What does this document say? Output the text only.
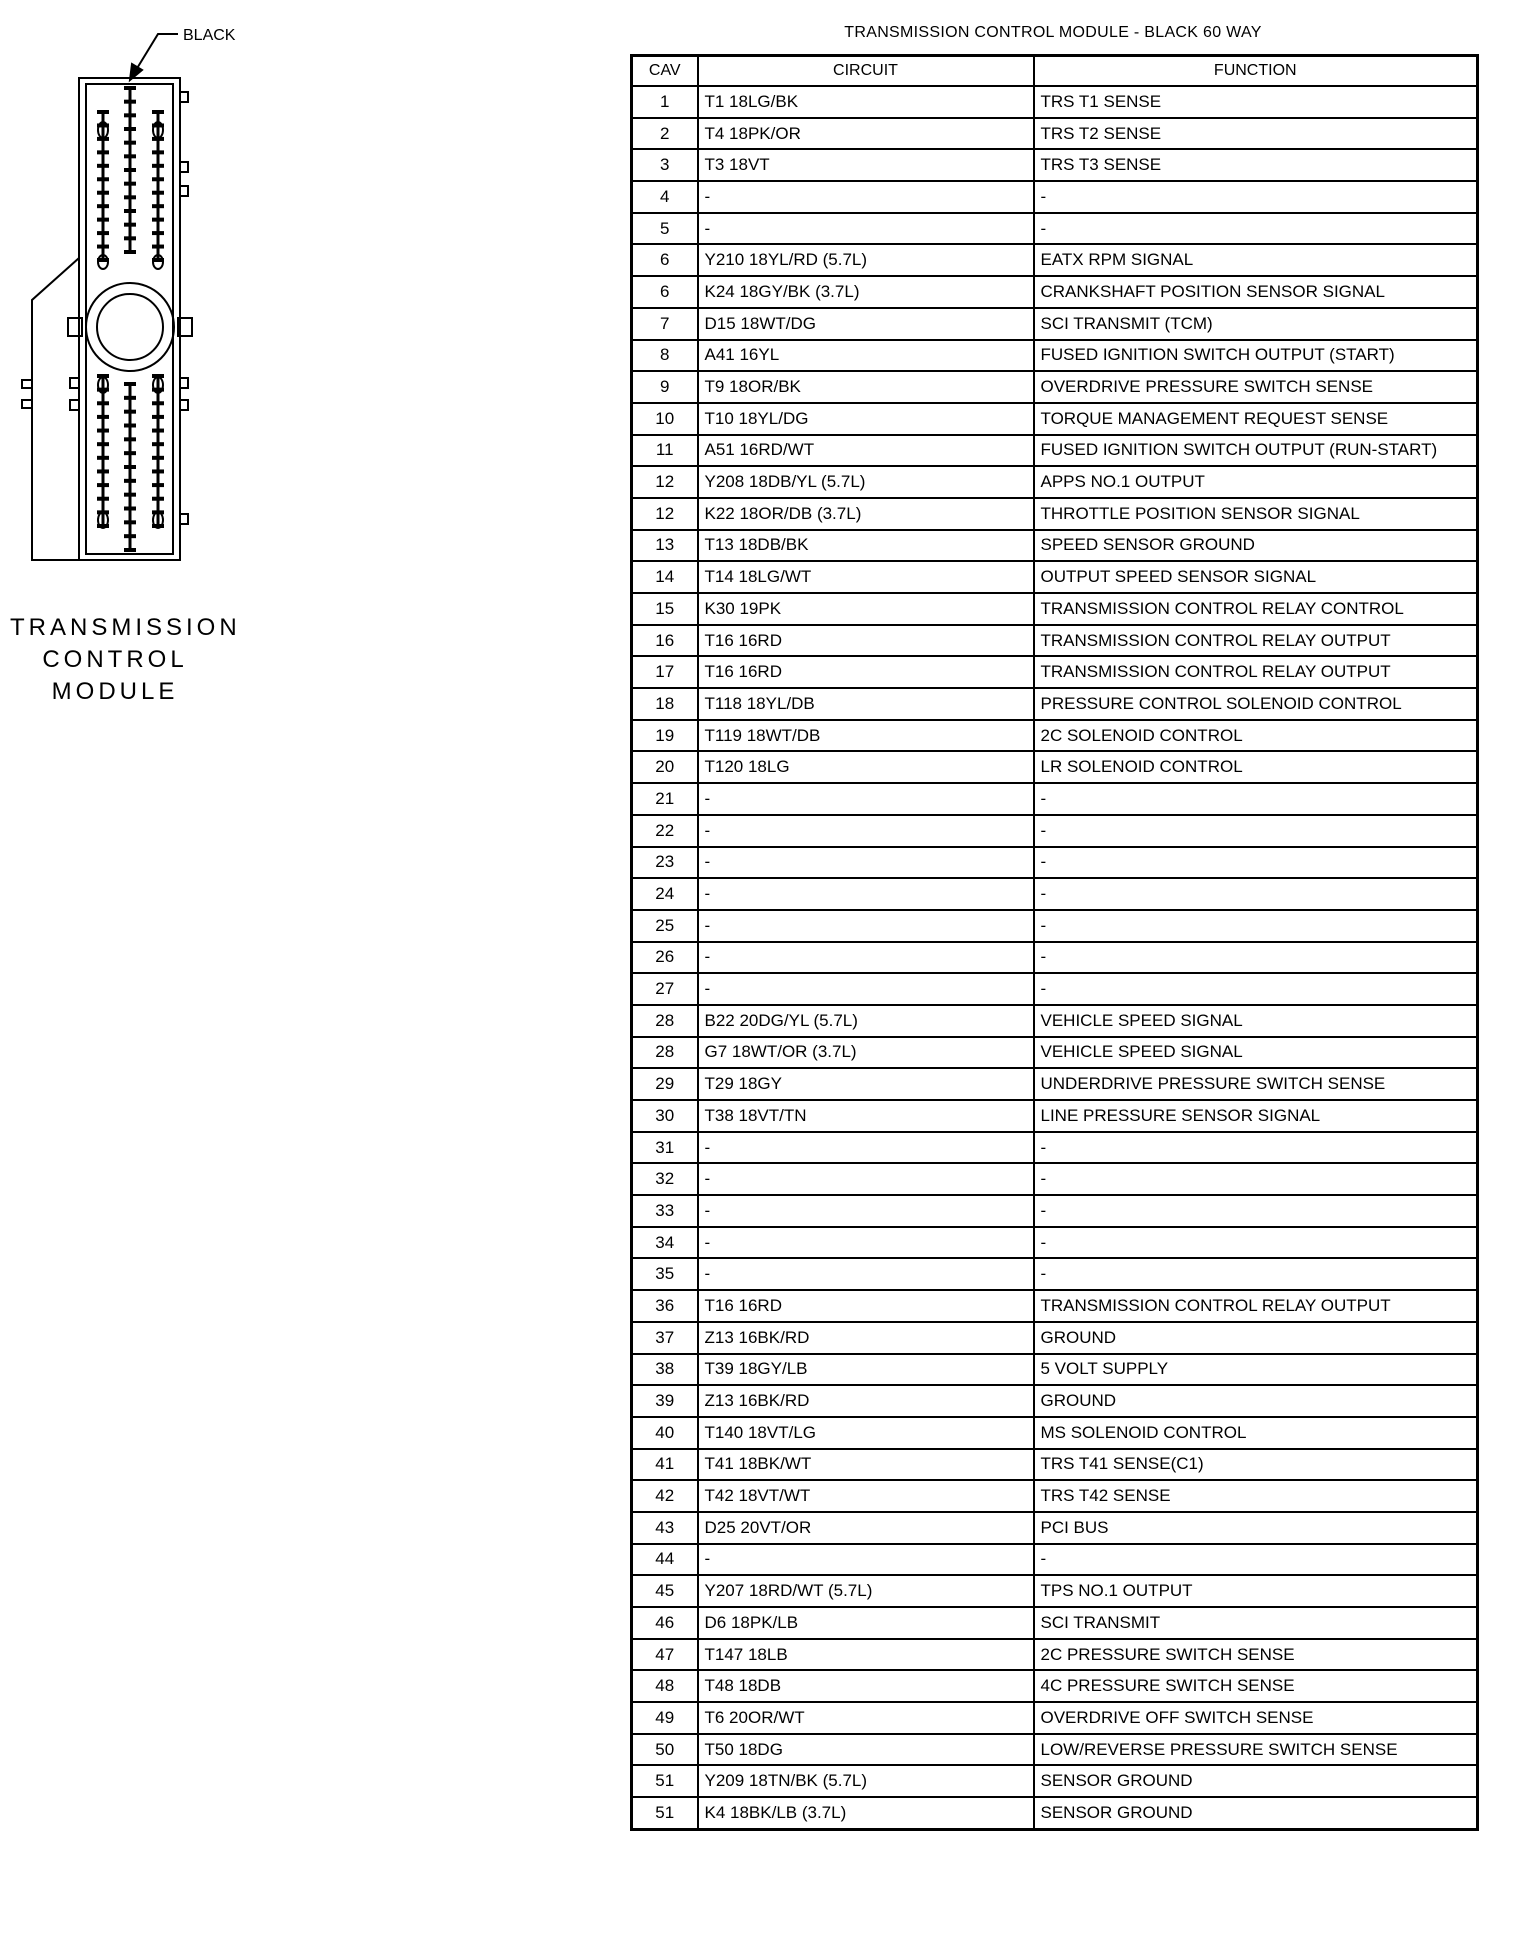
BLACK
TRANSMISSION
CONTROL
MODULE
TRANSMISSION CONTROL MODULE - BLACK 60 WAY
CAV	CIRCUIT	FUNCTION
1	T1 18LG/BK	TRS T1 SENSE
2	T4 18PK/OR	TRS T2 SENSE
3	T3 18VT	TRS T3 SENSE
4	-	-
5	-	-
6	Y210 18YL/RD (5.7L)	EATX RPM SIGNAL
6	K24 18GY/BK (3.7L)	CRANKSHAFT POSITION SENSOR SIGNAL
7	D15 18WT/DG	SCI TRANSMIT (TCM)
8	A41 16YL	FUSED IGNITION SWITCH OUTPUT (START)
9	T9 18OR/BK	OVERDRIVE PRESSURE SWITCH SENSE
10	T10 18YL/DG	TORQUE MANAGEMENT REQUEST SENSE
11	A51 16RD/WT	FUSED IGNITION SWITCH OUTPUT (RUN-START)
12	Y208 18DB/YL (5.7L)	APPS NO.1 OUTPUT
12	K22 18OR/DB (3.7L)	THROTTLE POSITION SENSOR SIGNAL
13	T13 18DB/BK	SPEED SENSOR GROUND
14	T14 18LG/WT	OUTPUT SPEED SENSOR SIGNAL
15	K30 19PK	TRANSMISSION CONTROL RELAY CONTROL
16	T16 16RD	TRANSMISSION CONTROL RELAY OUTPUT
17	T16 16RD	TRANSMISSION CONTROL RELAY OUTPUT
18	T118 18YL/DB	PRESSURE CONTROL SOLENOID CONTROL
19	T119 18WT/DB	2C SOLENOID CONTROL
20	T120 18LG	LR SOLENOID CONTROL
21	-	-
22	-	-
23	-	-
24	-	-
25	-	-
26	-	-
27	-	-
28	B22 20DG/YL (5.7L)	VEHICLE SPEED SIGNAL
28	G7 18WT/OR (3.7L)	VEHICLE SPEED SIGNAL
29	T29 18GY	UNDERDRIVE PRESSURE SWITCH SENSE
30	T38 18VT/TN	LINE PRESSURE SENSOR SIGNAL
31	-	-
32	-	-
33	-	-
34	-	-
35	-	-
36	T16 16RD	TRANSMISSION CONTROL RELAY OUTPUT
37	Z13 16BK/RD	GROUND
38	T39 18GY/LB	5 VOLT SUPPLY
39	Z13 16BK/RD	GROUND
40	T140 18VT/LG	MS SOLENOID CONTROL
41	T41 18BK/WT	TRS T41 SENSE(C1)
42	T42 18VT/WT	TRS T42 SENSE
43	D25 20VT/OR	PCI BUS
44	-	-
45	Y207 18RD/WT (5.7L)	TPS NO.1 OUTPUT
46	D6 18PK/LB	SCI TRANSMIT
47	T147 18LB	2C PRESSURE SWITCH SENSE
48	T48 18DB	4C PRESSURE SWITCH SENSE
49	T6 20OR/WT	OVERDRIVE OFF SWITCH SENSE
50	T50 18DG	LOW/REVERSE PRESSURE SWITCH SENSE
51	Y209 18TN/BK (5.7L)	SENSOR GROUND
51	K4 18BK/LB (3.7L)	SENSOR GROUND
